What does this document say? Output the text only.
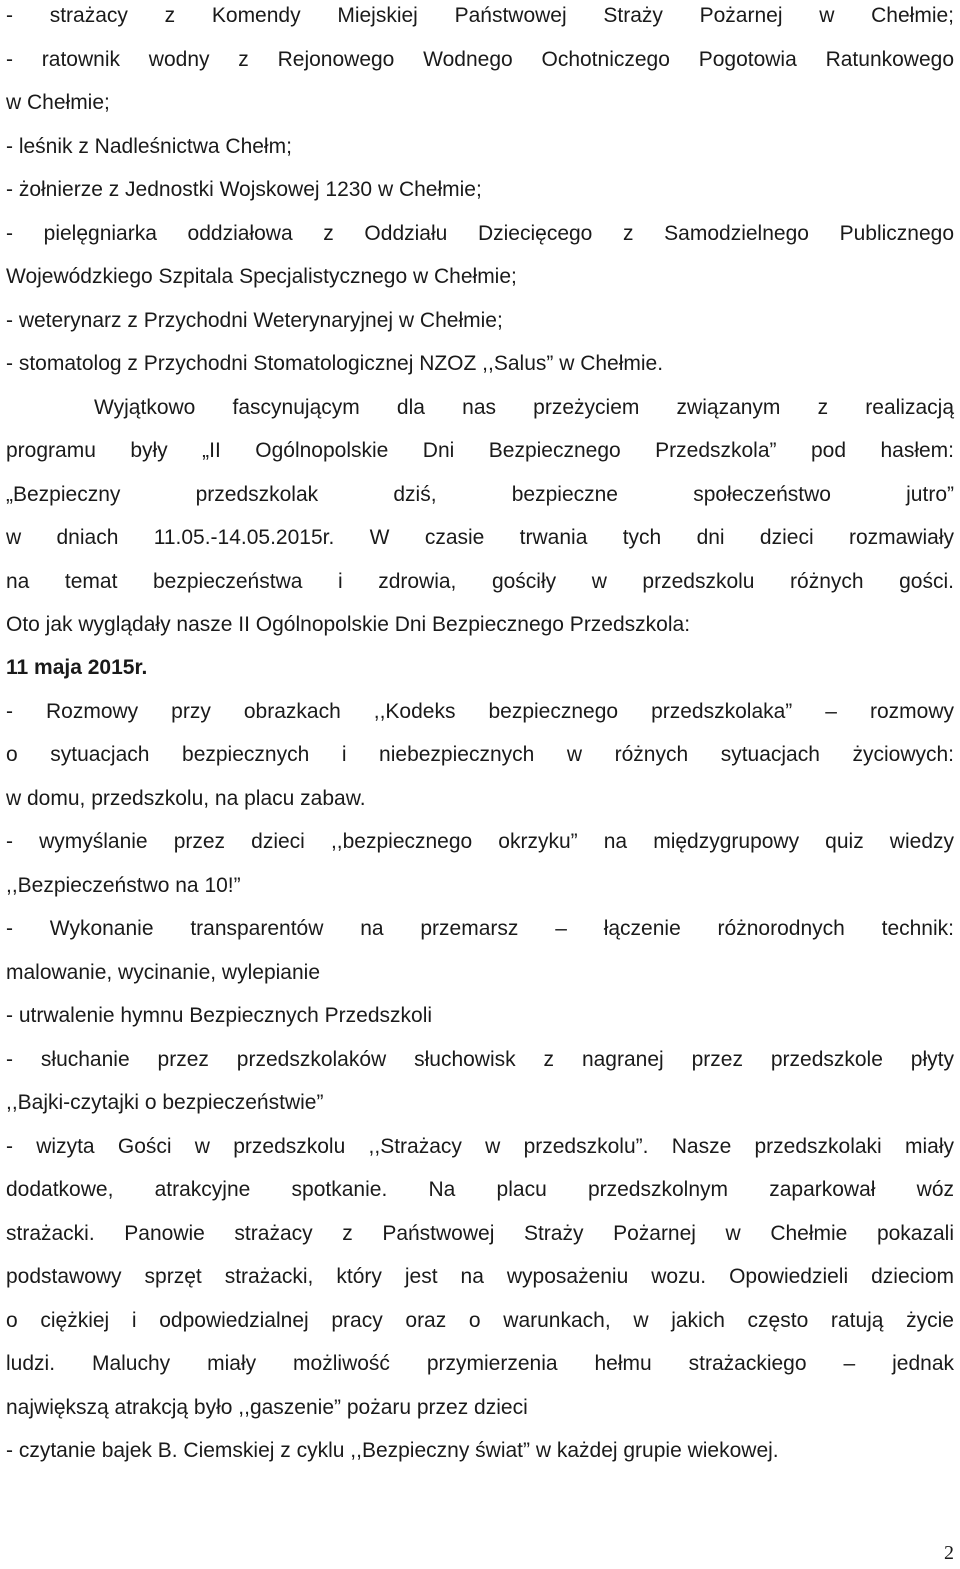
- strażacy z Komendy Miejskiej Państwowej Straży Pożarnej w Chełmie;
- ratownik wodny z Rejonowego Wodnego Ochotniczego Pogotowia Ratunkowego
w Chełmie;
- leśnik z Nadleśnictwa Chełm;
- żołnierze z Jednostki Wojskowej 1230 w Chełmie;
- pielęgniarka oddziałowa z Oddziału Dziecięcego z Samodzielnego Publicznego
Wojewódzkiego Szpitala Specjalistycznego w Chełmie;
- weterynarz z Przychodni Weterynaryjnej w Chełmie;
- stomatolog z Przychodni Stomatologicznej NZOZ ,,Salus” w Chełmie.
Wyjątkowo fascynującym dla nas przeżyciem związanym z realizacją
programu były „II Ogólnopolskie Dni Bezpiecznego Przedszkola” pod hasłem:
„Bezpieczny przedszkolak dziś, bezpieczne społeczeństwo jutro”
w dniach 11.05.-14.05.2015r. W czasie trwania tych dni dzieci rozmawiały
na temat bezpieczeństwa i zdrowia, gościły w przedszkolu różnych gości.
Oto jak wyglądały nasze II Ogólnopolskie Dni Bezpiecznego Przedszkola:
11 maja 2015r.
- Rozmowy przy obrazkach ,,Kodeks bezpiecznego przedszkolaka” – rozmowy
o sytuacjach bezpiecznych i niebezpiecznych w różnych sytuacjach życiowych:
w domu, przedszkolu, na placu zabaw.
- wymyślanie przez dzieci ,,bezpiecznego okrzyku” na międzygrupowy quiz wiedzy
,,Bezpieczeństwo na 10!”
- Wykonanie transparentów na przemarsz – łączenie różnorodnych technik:
malowanie, wycinanie, wylepianie
- utrwalenie hymnu Bezpiecznych Przedszkoli
- słuchanie przez przedszkolaków słuchowisk z nagranej przez przedszkole płyty
,,Bajki-czytajki o bezpieczeństwie”
- wizyta Gości w przedszkolu ,,Strażacy w przedszkolu”. Nasze przedszkolaki miały
dodatkowe, atrakcyjne spotkanie. Na placu przedszkolnym zaparkował wóz
strażacki. Panowie strażacy z Państwowej Straży Pożarnej w Chełmie pokazali
podstawowy sprzęt strażacki, który jest na wyposażeniu wozu. Opowiedzieli dzieciom
o ciężkiej i odpowiedzialnej pracy oraz o warunkach, w jakich często ratują życie
ludzi. Maluchy miały możliwość przymierzenia hełmu strażackiego – jednak
największą atrakcją było ,,gaszenie” pożaru przez dzieci
- czytanie bajek B. Ciemskiej z cyklu ,,Bezpieczny świat” w każdej grupie wiekowej.
2
